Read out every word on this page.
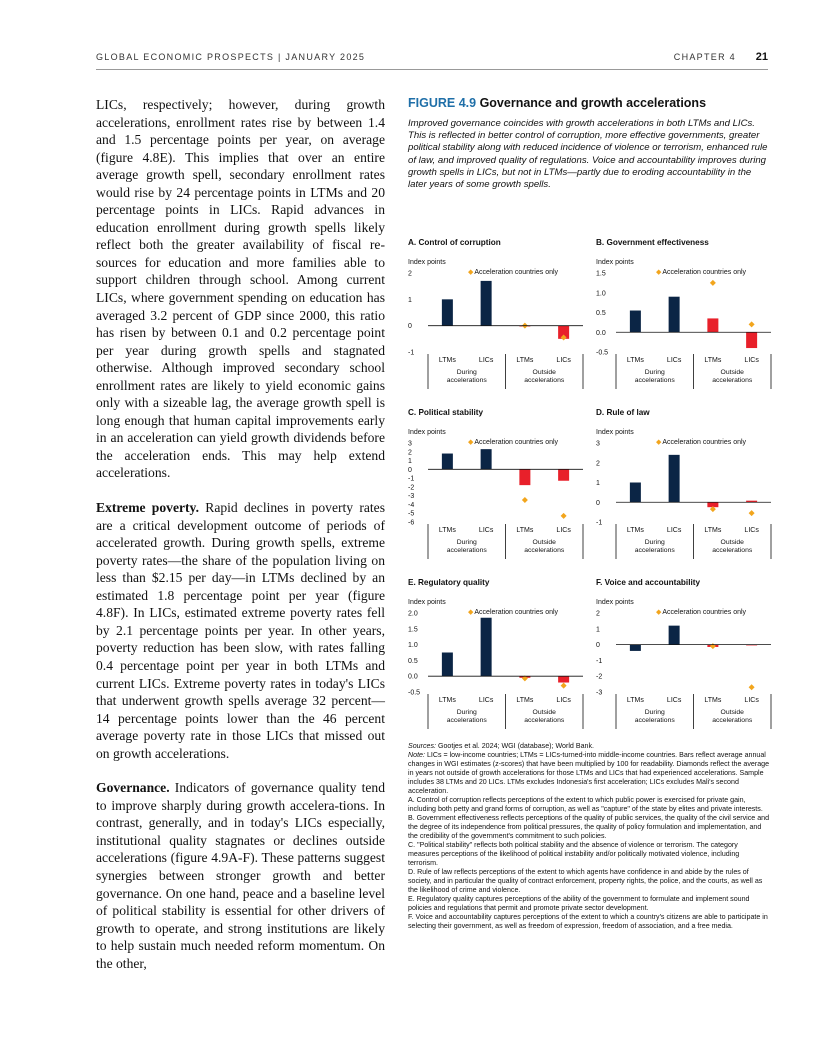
GLOBAL ECONOMIC PROSPECTS | JANUARY 2025	CHAPTER 4 21

LICs, respectively; however, during growth accelerations, enrollment rates rise by between 1.4 and 1.5 percentage points per year, on average (figure 4.8E). This implies that over an entire average growth spell, secondary enrollment rates would rise by 24 percentage points in LTMs and 20 percentage points in LICs. Rapid advances in education enrollment during growth spells likely reflect both the greater availability of fiscal re-sources for education and more families able to support children through school. Among current LICs, where government spending on education has averaged 3.2 percent of GDP since 2000, this ratio has risen by between 0.1 and 0.2 percentage point per year during growth spells and stagnated otherwise. Although improved secondary school enrollment rates are likely to yield economic gains only with a sizeable lag, the average growth spell is long enough that human capital improvements early in an acceleration can yield growth dividends before the acceleration ends. This may help extend accelerations.

Extreme poverty. Rapid declines in poverty rates are a critical development outcome of periods of accelerated growth. During growth spells, extreme poverty rates—the share of the population living on less than $2.15 per day—in LTMs declined by an estimated 1.8 percentage point per year (figure 4.8F). In LICs, estimated extreme poverty rates fell by 2.1 percentage points per year. In other years, poverty reduction has been slow, with rates falling 0.4 percentage point per year in both LTMs and current LICs. Extreme poverty rates in today's LICs that underwent growth spells average 32 percent—14 percentage points lower than the 46 percent average poverty rate in those LICs that missed out on growth accelerations.

Governance. Indicators of governance quality tend to improve sharply during growth accelera-tions. In contrast, generally, and in today's LICs especially, institutional quality stagnates or declines outside accelerations (figure 4.9A-F). These patterns suggest synergies between stronger growth and better governance. On one hand, peace and a baseline level of political stability is essential for other drivers of growth to operate, and strong institutions are likely to help sustain much needed reform momentum. On the other,

FIGURE 4.9 Governance and growth accelerations
Improved governance coincides with growth accelerations in both LTMs and LICs. This is reflected in better control of corruption, more effective governments, greater political stability along with reduced incidence of violence or terrorism, enhanced rule of law, and improved quality of regulations. Voice and accountability improves during growth spells in LICs, but not in LTMs—partly due to eroding accountability in the later years of some growth spells.
2
1
0
-1
LTMs	LICs	LTMs	LICs
During
accelerations
Outside
accelerations
A. Control of corruption
Index points
◆Acceleration countries only	1.5
1.0
0.5
0.0
-0.5
LTMs	LICs	LTMs	LICs
During
accelerations
Outside
accelerations
B. Government effectiveness
Index points
◆Acceleration countries only
3
2
1
0
-1
-2
-3
-4
-5
-6
LTMs	LICs	LTMs	LICs
During
accelerations
Outside
accelerations
C. Political stability
Index points
◆Acceleration countries only	3
2
1
0
-1
LTMs	LICs	LTMs	LICs
During
accelerations
Outside
accelerations
D. Rule of law
Index points
◆Acceleration countries only
2.0
1.5
1.0
0.5
0.0
-0.5
LTMs	LICs	LTMs	LICs
During
accelerations
Outside
accelerations
E. Regulatory quality
Index points
◆Acceleration countries only	2
1
0
-1
-2
-3
LTMs	LICs	LTMs	LICs
During
accelerations
Outside
accelerations
F. Voice and accountability
Index points
◆Acceleration countries only

Sources: Gootjes et al. 2024; WGI (database); World Bank.

Note: LICs = low-income countries; LTMs = LICs-turned-into middle-income countries. Bars reflect average annual changes in WGI estimates (z-scores) that have been multiplied by 100 for readability. Diamonds reflect the average in years not outside of growth accelerations for those LTMs and LICs that had experienced accelerations. Sample includes 38 LTMs and 20 LICs. LTMs excludes Indonesia's first acceleration; LICs excludes Mali's second acceleration.

A. Control of corruption reflects perceptions of the extent to which public power is exercised for private gain, including both petty and grand forms of corruption, as well as "capture" of the state by elites and private interests.

B. Government effectiveness reflects perceptions of the quality of public services, the quality of the civil service and the degree of its independence from political pressures, the quality of policy formulation and implementation, and the credibility of the government's commitment to such policies.

C. "Political stability" reflects both political stability and the absence of violence or terrorism. The category measures perceptions of the likelihood of political instability and/or politically motivated violence, including terrorism.

D. Rule of law reflects perceptions of the extent to which agents have confidence in and abide by the rules of society, and in particular the quality of contract enforcement, property rights, the police, and the courts, as well as the likelihood of crime and violence.

E. Regulatory quality captures perceptions of the ability of the government to formulate and implement sound policies and regulations that permit and promote private sector development.

F. Voice and accountability captures perceptions of the extent to which a country's citizens are able to participate in selecting their government, as well as freedom of expression, freedom of association, and a free media.
